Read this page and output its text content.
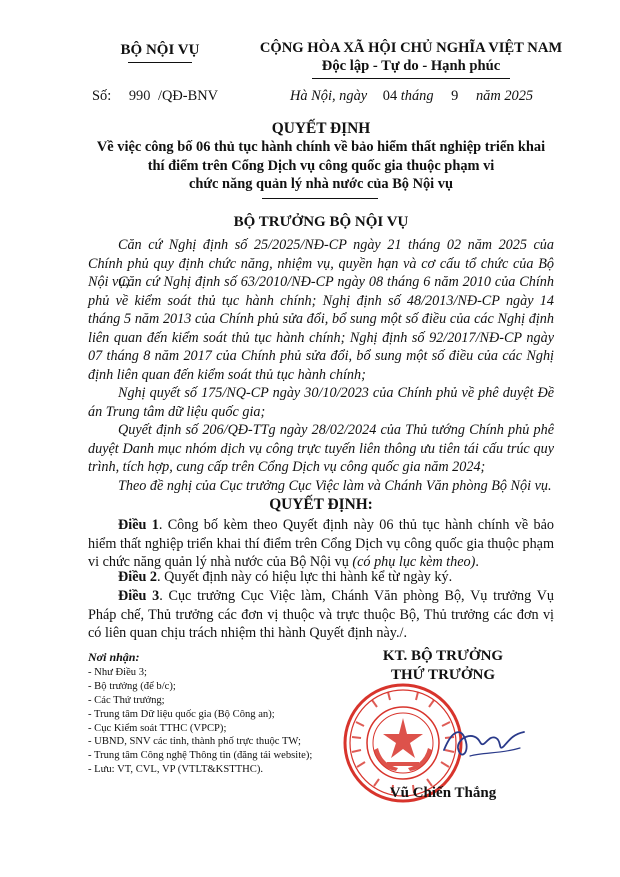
BỘ NỘI VỤ	CỘNG HÒA XÃ HỘI CHỦ NGHĨA VIỆT NAM
Độc lập - Tự do - Hạnh phúc
Số: 990 /QĐ-BNV	Hà Nội, ngày 04 tháng 9 năm 2025
QUYẾT ĐỊNH
Về việc công bố 06 thủ tục hành chính về bảo hiểm thất nghiệp triển khai
thí điểm trên Cổng Dịch vụ công quốc gia thuộc phạm vi
chức năng quản lý nhà nước của Bộ Nội vụ
BỘ TRƯỞNG BỘ NỘI VỤ
Căn cứ Nghị định số 25/2025/NĐ-CP ngày 21 tháng 02 năm 2025 của Chính phủ quy định chức năng, nhiệm vụ, quyền hạn và cơ cấu tổ chức của Bộ Nội vụ;
Căn cứ Nghị định số 63/2010/NĐ-CP ngày 08 tháng 6 năm 2010 của Chính phủ về kiểm soát thủ tục hành chính; Nghị định số 48/2013/NĐ-CP ngày 14 tháng 5 năm 2013 của Chính phủ sửa đổi, bổ sung một số điều của các Nghị định liên quan đến kiểm soát thủ tục hành chính; Nghị định số 92/2017/NĐ-CP ngày 07 tháng 8 năm 2017 của Chính phủ sửa đổi, bổ sung một số điều của các Nghị định liên quan đến kiểm soát thủ tục hành chính;
Nghị quyết số 175/NQ-CP ngày 30/10/2023 của Chính phủ về phê duyệt Đề án Trung tâm dữ liệu quốc gia;
Quyết định số 206/QĐ-TTg ngày 28/02/2024 của Thủ tướng Chính phủ phê duyệt Danh mục nhóm dịch vụ công trực tuyến liên thông ưu tiên tái cấu trúc quy trình, tích hợp, cung cấp trên Cổng Dịch vụ công quốc gia năm 2024;
Theo đề nghị của Cục trưởng Cục Việc làm và Chánh Văn phòng Bộ Nội vụ.
QUYẾT ĐỊNH:
Điều 1. Công bố kèm theo Quyết định này 06 thủ tục hành chính về bảo hiểm thất nghiệp triển khai thí điểm trên Cổng Dịch vụ công quốc gia thuộc phạm vi chức năng quản lý nhà nước của Bộ Nội vụ (có phụ lục kèm theo).
Điều 2. Quyết định này có hiệu lực thi hành kể từ ngày ký.
Điều 3. Cục trưởng Cục Việc làm, Chánh Văn phòng Bộ, Vụ trưởng Vụ Pháp chế, Thủ trưởng các đơn vị thuộc và trực thuộc Bộ, Thủ trưởng các đơn vị có liên quan chịu trách nhiệm thi hành Quyết định này./.
Nơi nhận:
- Như Điều 3;
- Bộ trưởng (để b/c);
- Các Thứ trưởng;
- Trung tâm Dữ liệu quốc gia (Bộ Công an);
- Cục Kiểm soát TTHC (VPCP);
- UBND, SNV các tỉnh, thành phố trực thuộc TW;
- Trung tâm Công nghệ Thông tin (đăng tải website);
- Lưu: VT, CVL, VP (VTLT&KSTTHC).
KT. BỘ TRƯỞNG
THỨ TRƯỞNG
Vũ Chiến Thắng
